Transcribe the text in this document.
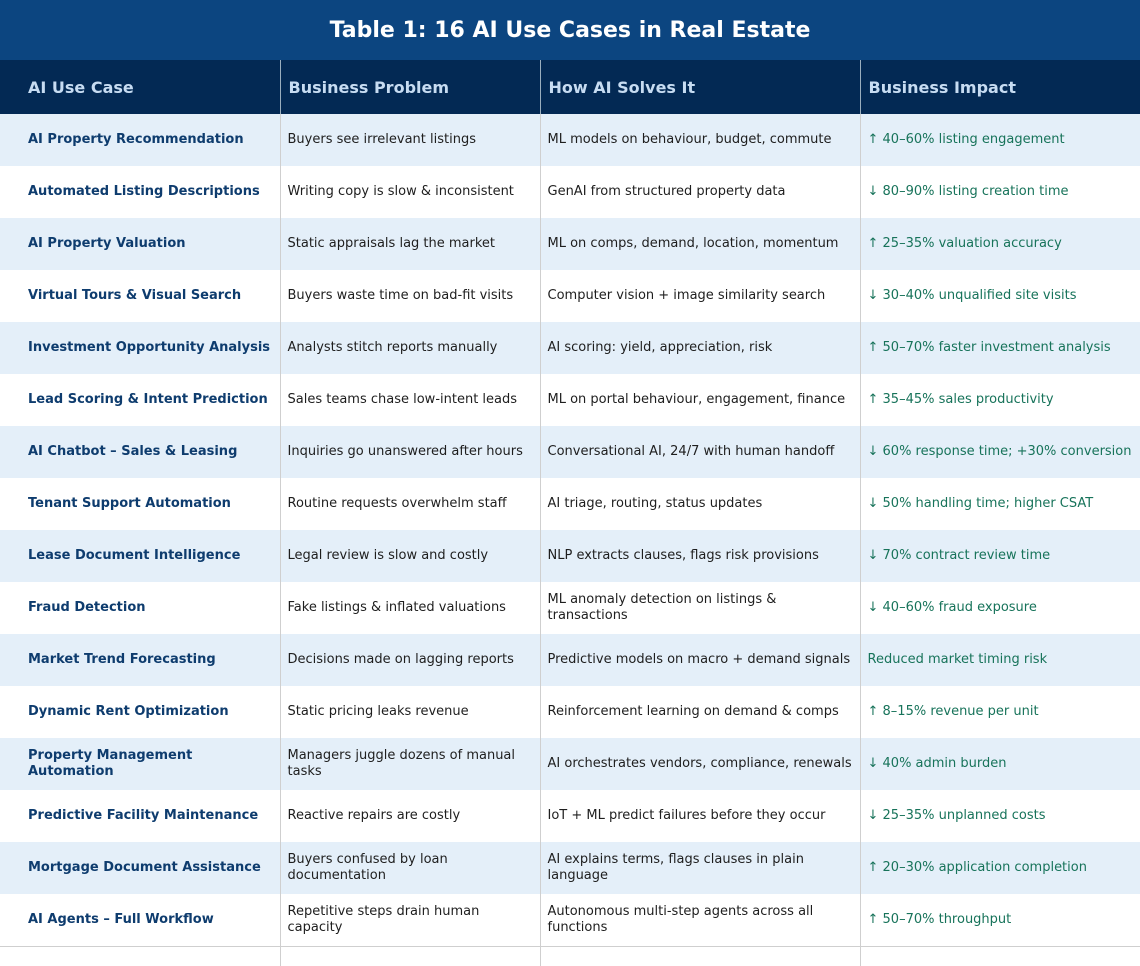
Table 1: 16 AI Use Cases in Real Estate
AI Use Case	Business Problem	How AI Solves It	Business Impact
AI Property Recommendation	Buyers see irrelevant listings	ML models on behaviour, budget, commute	↑ 40–60% listing engagement
Automated Listing Descriptions	Writing copy is slow & inconsistent	GenAI from structured property data	↓ 80–90% listing creation time
AI Property Valuation	Static appraisals lag the market	ML on comps, demand, location, momentum	↑ 25–35% valuation accuracy
Virtual Tours & Visual Search	Buyers waste time on bad-fit visits	Computer vision + image similarity search	↓ 30–40% unqualified site visits
Investment Opportunity Analysis	Analysts stitch reports manually	AI scoring: yield, appreciation, risk	↑ 50–70% faster investment analysis
Lead Scoring & Intent Prediction	Sales teams chase low-intent leads	ML on portal behaviour, engagement, finance	↑ 35–45% sales productivity
AI Chatbot – Sales & Leasing	Inquiries go unanswered after hours	Conversational AI, 24/7 with human handoff	↓ 60% response time; +30% conversion
Tenant Support Automation	Routine requests overwhelm staff	AI triage, routing, status updates	↓ 50% handling time; higher CSAT
Lease Document Intelligence	Legal review is slow and costly	NLP extracts clauses, flags risk provisions	↓ 70% contract review time
Fraud Detection	Fake listings & inflated valuations	ML anomaly detection on listings & transactions	↓ 40–60% fraud exposure
Market Trend Forecasting	Decisions made on lagging reports	Predictive models on macro + demand signals	Reduced market timing risk
Dynamic Rent Optimization	Static pricing leaks revenue	Reinforcement learning on demand & comps	↑ 8–15% revenue per unit
Property Management Automation	Managers juggle dozens of manual tasks	AI orchestrates vendors, compliance, renewals	↓ 40% admin burden
Predictive Facility Maintenance	Reactive repairs are costly	IoT + ML predict failures before they occur	↓ 25–35% unplanned costs
Mortgage Document Assistance	Buyers confused by loan documentation	AI explains terms, flags clauses in plain language	↑ 20–30% application completion
AI Agents – Full Workflow	Repetitive steps drain human capacity	Autonomous multi-step agents across all functions	↑ 50–70% throughput
